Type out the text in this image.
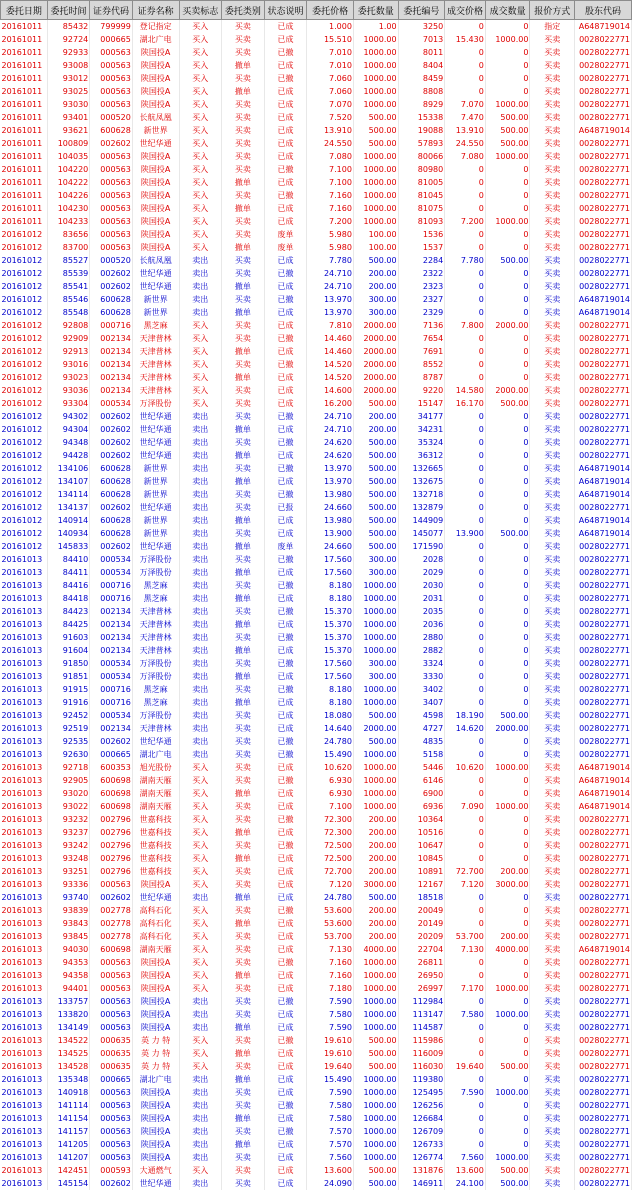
委托日期	委托时间	证券代码	证券名称	买卖标志	委托类别	状态说明	委托价格	委托数量	委托编号	成交价格	成交数量	报价方式	股东代码
20161011	85432	799999	登记指定	买入	买卖	已成	1.000	1.00	3250	0	0	指定	A648719014
20161011	92724	000665	湖北广电	买入	买卖	已成	15.510	1000.00	7013	15.430	1000.00	买卖	0028022771
20161011	92933	000563	陕国投A	买入	买卖	已撤	7.010	1000.00	8011	0	0	买卖	0028022771
20161011	93008	000563	陕国投A	买入	撤单	已成	7.010	1000.00	8404	0	0	买卖	0028022771
20161011	93012	000563	陕国投A	买入	买卖	已撤	7.060	1000.00	8459	0	0	买卖	0028022771
20161011	93025	000563	陕国投A	买入	撤单	已成	7.060	1000.00	8808	0	0	买卖	0028022771
20161011	93030	000563	陕国投A	买入	买卖	已成	7.070	1000.00	8929	7.070	1000.00	买卖	0028022771
20161011	93401	000520	长航凤凰	买入	买卖	已成	7.520	500.00	15338	7.470	500.00	买卖	0028022771
20161011	93621	600628	新世界	买入	买卖	已成	13.910	500.00	19088	13.910	500.00	买卖	A648719014
20161011	100809	002602	世纪华通	买入	买卖	已成	24.550	500.00	57893	24.550	500.00	买卖	0028022771
20161011	104035	000563	陕国投A	买入	买卖	已成	7.080	1000.00	80066	7.080	1000.00	买卖	0028022771
20161011	104220	000563	陕国投A	买入	买卖	已撤	7.100	1000.00	80980	0	0	买卖	0028022771
20161011	104222	000563	陕国投A	买入	撤单	已成	7.100	1000.00	81005	0	0	买卖	0028022771
20161011	104226	000563	陕国投A	买入	买卖	已撤	7.160	1000.00	81045	0	0	买卖	0028022771
20161011	104230	000563	陕国投A	买入	撤单	已成	7.160	1000.00	81075	0	0	买卖	0028022771
20161011	104233	000563	陕国投A	买入	买卖	已成	7.200	1000.00	81093	7.200	1000.00	买卖	0028022771
20161012	83656	000563	陕国投A	买入	买卖	废单	5.980	100.00	1536	0	0	买卖	0028022771
20161012	83700	000563	陕国投A	买入	撤单	废单	5.980	100.00	1537	0	0	买卖	0028022771
20161012	85527	000520	长航凤凰	卖出	买卖	已成	7.780	500.00	2284	7.780	500.00	买卖	0028022771
20161012	85539	002602	世纪华通	卖出	买卖	已撤	24.710	200.00	2322	0	0	买卖	0028022771
20161012	85541	002602	世纪华通	卖出	撤单	已成	24.710	200.00	2323	0	0	买卖	0028022771
20161012	85546	600628	新世界	卖出	买卖	已撤	13.970	300.00	2327	0	0	买卖	A648719014
20161012	85548	600628	新世界	卖出	撤单	已成	13.970	300.00	2329	0	0	买卖	A648719014
20161012	92808	000716	黑芝麻	买入	买卖	已成	7.810	2000.00	7136	7.800	2000.00	买卖	0028022771
20161012	92909	002134	天津普林	买入	买卖	已撤	14.460	2000.00	7654	0	0	买卖	0028022771
20161012	92913	002134	天津普林	买入	撤单	已成	14.460	2000.00	7691	0	0	买卖	0028022771
20161012	93016	002134	天津普林	买入	买卖	已撤	14.520	2000.00	8552	0	0	买卖	0028022771
20161012	93023	002134	天津普林	买入	撤单	已成	14.520	2000.00	8787	0	0	买卖	0028022771
20161012	93036	002134	天津普林	买入	买卖	已成	14.600	2000.00	9220	14.580	2000.00	买卖	0028022771
20161012	93304	000534	万泽股份	买入	买卖	已成	16.200	500.00	15147	16.170	500.00	买卖	0028022771
20161012	94302	002602	世纪华通	卖出	买卖	已撤	24.710	200.00	34177	0	0	买卖	0028022771
20161012	94304	002602	世纪华通	卖出	撤单	已成	24.710	200.00	34231	0	0	买卖	0028022771
20161012	94348	002602	世纪华通	卖出	买卖	已撤	24.620	500.00	35324	0	0	买卖	0028022771
20161012	94428	002602	世纪华通	卖出	撤单	已成	24.620	500.00	36312	0	0	买卖	0028022771
20161012	134106	600628	新世界	卖出	买卖	已撤	13.970	500.00	132665	0	0	买卖	A648719014
20161012	134107	600628	新世界	卖出	撤单	已成	13.970	500.00	132675	0	0	买卖	A648719014
20161012	134114	600628	新世界	卖出	买卖	已撤	13.980	500.00	132718	0	0	买卖	A648719014
20161012	134137	002602	世纪华通	卖出	买卖	已报	24.660	500.00	132879	0	0	买卖	0028022771
20161012	140914	600628	新世界	卖出	撤单	已成	13.980	500.00	144909	0	0	买卖	A648719014
20161012	140934	600628	新世界	卖出	买卖	已成	13.900	500.00	145077	13.900	500.00	买卖	A648719014
20161012	145833	002602	世纪华通	卖出	撤单	废单	24.660	500.00	171590	0	0	买卖	0028022771
20161013	84410	000534	万泽股份	卖出	买卖	已撤	17.560	300.00	2028	0	0	买卖	0028022771
20161013	84411	000534	万泽股份	卖出	撤单	已成	17.560	300.00	2029	0	0	买卖	0028022771
20161013	84416	000716	黑芝麻	卖出	买卖	已撤	8.180	1000.00	2030	0	0	买卖	0028022771
20161013	84418	000716	黑芝麻	卖出	撤单	已成	8.180	1000.00	2031	0	0	买卖	0028022771
20161013	84423	002134	天津普林	卖出	买卖	已撤	15.370	1000.00	2035	0	0	买卖	0028022771
20161013	84425	002134	天津普林	卖出	撤单	已成	15.370	1000.00	2036	0	0	买卖	0028022771
20161013	91603	002134	天津普林	卖出	买卖	已撤	15.370	1000.00	2880	0	0	买卖	0028022771
20161013	91604	002134	天津普林	卖出	撤单	已成	15.370	1000.00	2882	0	0	买卖	0028022771
20161013	91850	000534	万泽股份	卖出	买卖	已撤	17.560	300.00	3324	0	0	买卖	0028022771
20161013	91851	000534	万泽股份	卖出	撤单	已成	17.560	300.00	3330	0	0	买卖	0028022771
20161013	91915	000716	黑芝麻	卖出	买卖	已撤	8.180	1000.00	3402	0	0	买卖	0028022771
20161013	91916	000716	黑芝麻	卖出	撤单	已成	8.180	1000.00	3407	0	0	买卖	0028022771
20161013	92452	000534	万泽股份	卖出	买卖	已成	18.080	500.00	4598	18.190	500.00	买卖	0028022771
20161013	92519	002134	天津普林	卖出	买卖	已成	14.640	2000.00	4727	14.620	2000.00	买卖	0028022771
20161013	92535	002602	世纪华通	卖出	买卖	已撤	24.780	500.00	4835	0	0	买卖	0028022771
20161013	92630	000665	湖北广电	卖出	买卖	已撤	15.490	1000.00	5158	0	0	买卖	0028022771
20161013	92718	600353	旭光股份	买入	买卖	已成	10.620	1000.00	5446	10.620	1000.00	买卖	A648719014
20161013	92905	600698	湖南天雁	买入	买卖	已撤	6.930	1000.00	6146	0	0	买卖	A648719014
20161013	93020	600698	湖南天雁	买入	撤单	已成	6.930	1000.00	6900	0	0	买卖	A648719014
20161013	93022	600698	湖南天雁	买入	买卖	已成	7.100	1000.00	6936	7.090	1000.00	买卖	A648719014
20161013	93232	002796	世嘉科技	买入	买卖	已撤	72.300	200.00	10364	0	0	买卖	0028022771
20161013	93237	002796	世嘉科技	买入	撤单	已成	72.300	200.00	10516	0	0	买卖	0028022771
20161013	93242	002796	世嘉科技	买入	买卖	已撤	72.500	200.00	10647	0	0	买卖	0028022771
20161013	93248	002796	世嘉科技	买入	撤单	已成	72.500	200.00	10845	0	0	买卖	0028022771
20161013	93251	002796	世嘉科技	买入	买卖	已成	72.700	200.00	10891	72.700	200.00	买卖	0028022771
20161013	93336	000563	陕国投A	买入	买卖	已成	7.120	3000.00	12167	7.120	3000.00	买卖	0028022771
20161013	93740	002602	世纪华通	卖出	撤单	已成	24.780	500.00	18518	0	0	买卖	0028022771
20161013	93839	002778	高科石化	买入	买卖	已撤	53.600	200.00	20049	0	0	买卖	0028022771
20161013	93843	002778	高科石化	买入	撤单	已成	53.600	200.00	20149	0	0	买卖	0028022771
20161013	93845	002778	高科石化	买入	买卖	已成	53.700	200.00	20209	53.700	200.00	买卖	0028022771
20161013	94030	600698	湖南天雁	买入	买卖	已成	7.130	4000.00	22704	7.130	4000.00	买卖	A648719014
20161013	94353	000563	陕国投A	买入	买卖	已撤	7.160	1000.00	26811	0	0	买卖	0028022771
20161013	94358	000563	陕国投A	买入	撤单	已成	7.160	1000.00	26950	0	0	买卖	0028022771
20161013	94401	000563	陕国投A	买入	买卖	已成	7.180	1000.00	26997	7.170	1000.00	买卖	0028022771
20161013	133757	000563	陕国投A	卖出	买卖	已撤	7.590	1000.00	112984	0	0	买卖	0028022771
20161013	133820	000563	陕国投A	卖出	买卖	已成	7.580	1000.00	113147	7.580	1000.00	买卖	0028022771
20161013	134149	000563	陕国投A	卖出	撤单	已成	7.590	1000.00	114587	0	0	买卖	0028022771
20161013	134522	000635	英 力 特	买入	买卖	已撤	19.610	500.00	115986	0	0	买卖	0028022771
20161013	134525	000635	英 力 特	买入	撤单	已成	19.610	500.00	116009	0	0	买卖	0028022771
20161013	134528	000635	英 力 特	买入	买卖	已成	19.640	500.00	116030	19.640	500.00	买卖	0028022771
20161013	135348	000665	湖北广电	卖出	撤单	已成	15.490	1000.00	119380	0	0	买卖	0028022771
20161013	140918	000563	陕国投A	卖出	买卖	已成	7.590	1000.00	125495	7.590	1000.00	买卖	0028022771
20161013	141114	000563	陕国投A	卖出	买卖	已撤	7.580	1000.00	126256	0	0	买卖	0028022771
20161013	141154	000563	陕国投A	卖出	撤单	已成	7.580	1000.00	126684	0	0	买卖	0028022771
20161013	141157	000563	陕国投A	卖出	买卖	已撤	7.570	1000.00	126709	0	0	买卖	0028022771
20161013	141205	000563	陕国投A	卖出	撤单	已成	7.570	1000.00	126733	0	0	买卖	0028022771
20161013	141207	000563	陕国投A	卖出	买卖	已成	7.560	1000.00	126774	7.560	1000.00	买卖	0028022771
20161013	142451	000593	大通燃气	买入	买卖	已成	13.600	500.00	131876	13.600	500.00	买卖	0028022771
20161013	145154	002602	世纪华通	卖出	买卖	已成	24.090	500.00	146911	24.100	500.00	买卖	0028022771
